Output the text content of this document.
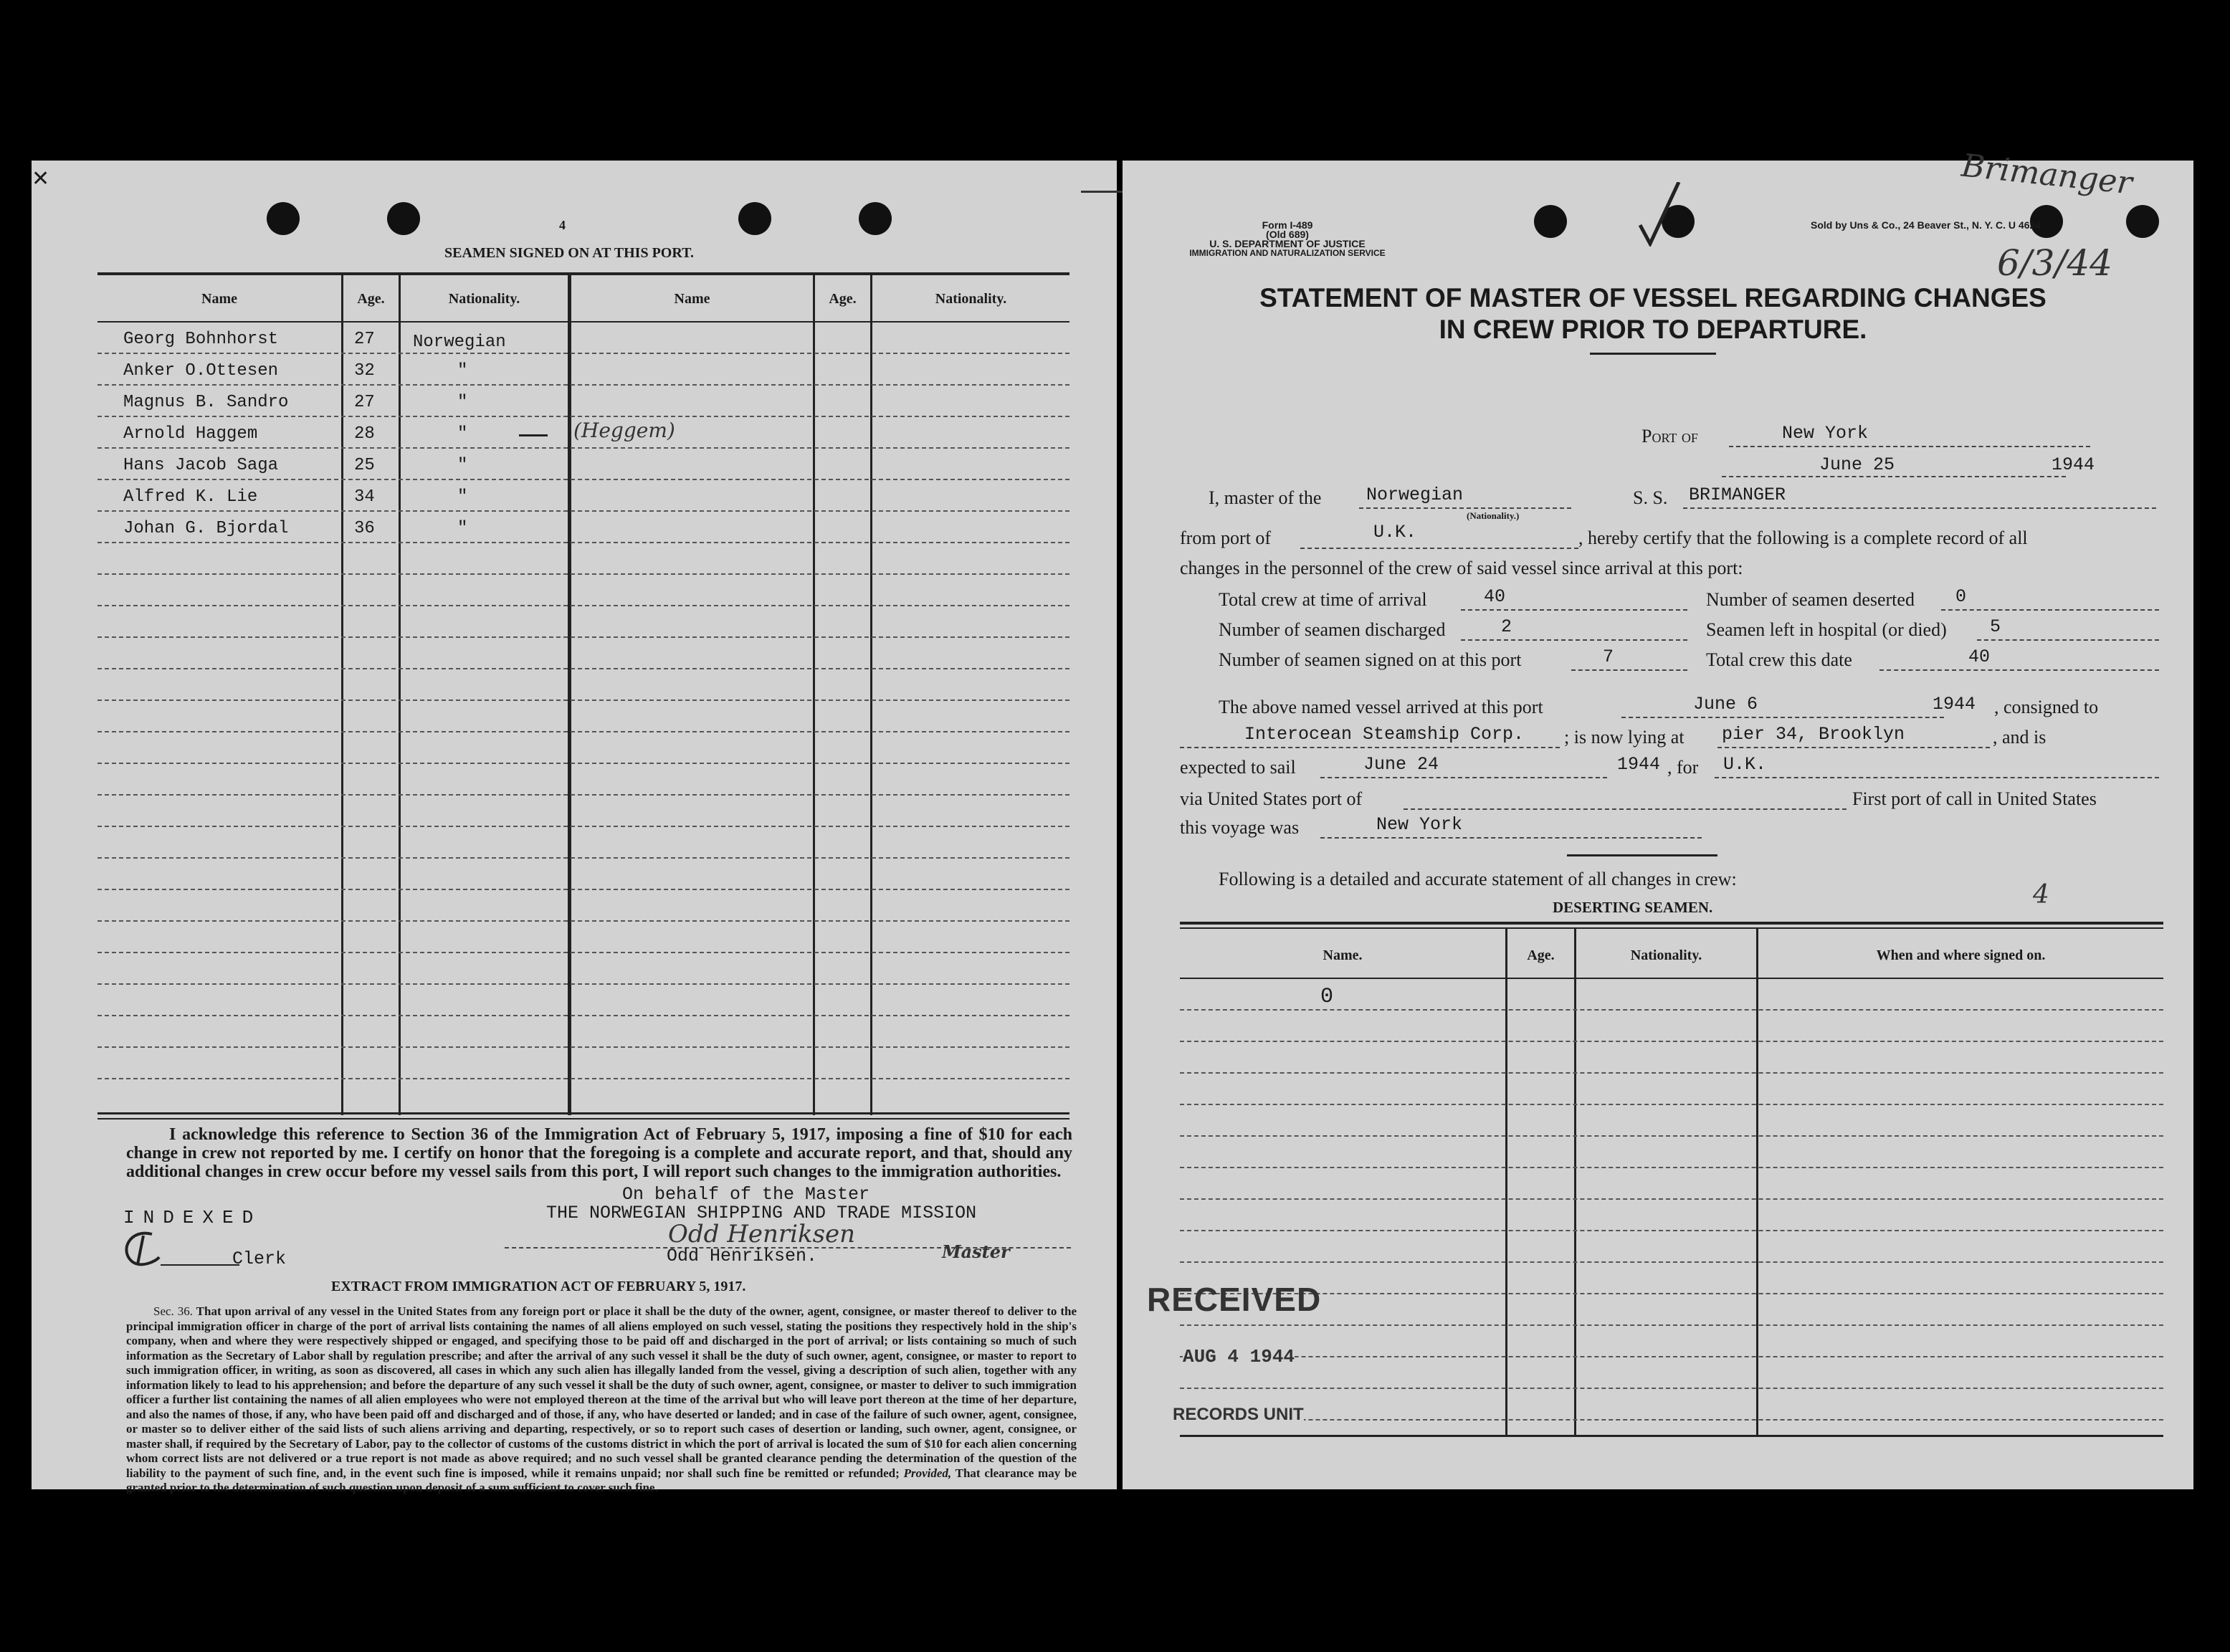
✕
4
SEAMEN SIGNED ON AT THIS PORT.
Name	Age.	Nationality.	Name	Age.	Nationality.
Georg Bohnhorst	27 Norwegian
Anker O.Ottesen	32	"
Magnus B. Sandro	27	"
Arnold Haggem	28	"	(Heggem)
Hans Jacob Saga	25	"
Alfred K. Lie	34	"
Johan G. Bjordal	36	"
I acknowledge this reference to Section 36 of the Immigration Act of February 5, 1917, imposing a fine of $10 for each change in crew not reported by me. I certify on honor that the foregoing is a complete and accurate report, and that, should any additional changes in crew occur before my vessel sails from this port, I will report such changes to the immigration authorities.
On behalf of the Master
THE NORWEGIAN SHIPPING AND TRADE MISSION
INDEXED
Clerk
Odd Henriksen
Odd Henriksen.	Master
EXTRACT FROM IMMIGRATION ACT OF FEBRUARY 5, 1917.
Sec. 36. That upon arrival of any vessel in the United States from any foreign port or place it shall be the duty of the owner, agent, consignee, or master thereof to deliver to the principal immigration officer in charge of the port of arrival lists containing the names of all aliens employed on such vessel, stating the positions they respectively hold in the ship's company, when and where they were respectively shipped or engaged, and specifying those to be paid off and discharged in the port of arrival; or lists containing so much of such information as the Secretary of Labor shall by regulation prescribe; and after the arrival of any such vessel it shall be the duty of such owner, agent, consignee, or master to report to such immigration officer, in writing, as soon as discovered, all cases in which any such alien has illegally landed from the vessel, giving a description of such alien, together with any information likely to lead to his apprehension; and before the departure of any such vessel it shall be the duty of such owner, agent, consignee, or master to deliver to such immigration officer a further list containing the names of all alien employees who were not employed thereon at the time of the arrival but who will leave port thereon at the time of her departure, and also the names of those, if any, who have been paid off and discharged and of those, if any, who have deserted or landed; and in case of the failure of such owner, agent, consignee, or master so to deliver either of the said lists of such aliens arriving and departing, respectively, or so to report such cases of desertion or landing, such owner, agent, consignee, or master shall, if required by the Secretary of Labor, pay to the collector of customs of the customs district in which the port of arrival is located the sum of $10 for each alien concerning whom correct lists are not delivered or a true report is not made as above required; and no such vessel shall be granted clearance pending the determination of the question of the liability to the payment of such fine, and, in the event such fine is imposed, while it remains unpaid; nor shall such fine be remitted or refunded; Provided, That clearance may be granted prior to the determination of such question upon deposit of a sum sufficient to cover such fine.
Form I-489
(Old 689)
U. S. DEPARTMENT OF JUSTICE
IMMIGRATION AND NATURALIZATION SERVICE
Sold by Uns & Co., 24 Beaver St., N. Y. C. U 4624
Brimanger
6/3/44
STATEMENT OF MASTER OF VESSEL REGARDING CHANGES
IN CREW PRIOR TO DEPARTURE.
Port of	New York
June 25	1944
I, master of the	Norwegian
(Nationality.)
S. S. BRIMANGER
from port of	U.K.	, hereby certify that the following is a complete record of all
changes in the personnel of the crew of said vessel since arrival at this port:
Total crew at time of arrival	40	Number of seamen deserted 0
Number of seamen discharged	2	Seamen left in hospital (or died) 5
Number of seamen signed on at this port	7	Total crew this date	40
The above named vessel arrived at this port	June 6	1944 , consigned to
Interocean Steamship Corp. ; is now lying at pier 34, Brooklyn	, and is
expected to sail	June 24	1944 , for U.K.
via United States port of	First port of call in United States
this voyage was	New York
Following is a detailed and accurate statement of all changes in crew:
DESERTING SEAMEN.	4
Name.	Age.	Nationality.	When and where signed on.
0
RECEIVED
AUG 4 1944
RECORDS UNIT
